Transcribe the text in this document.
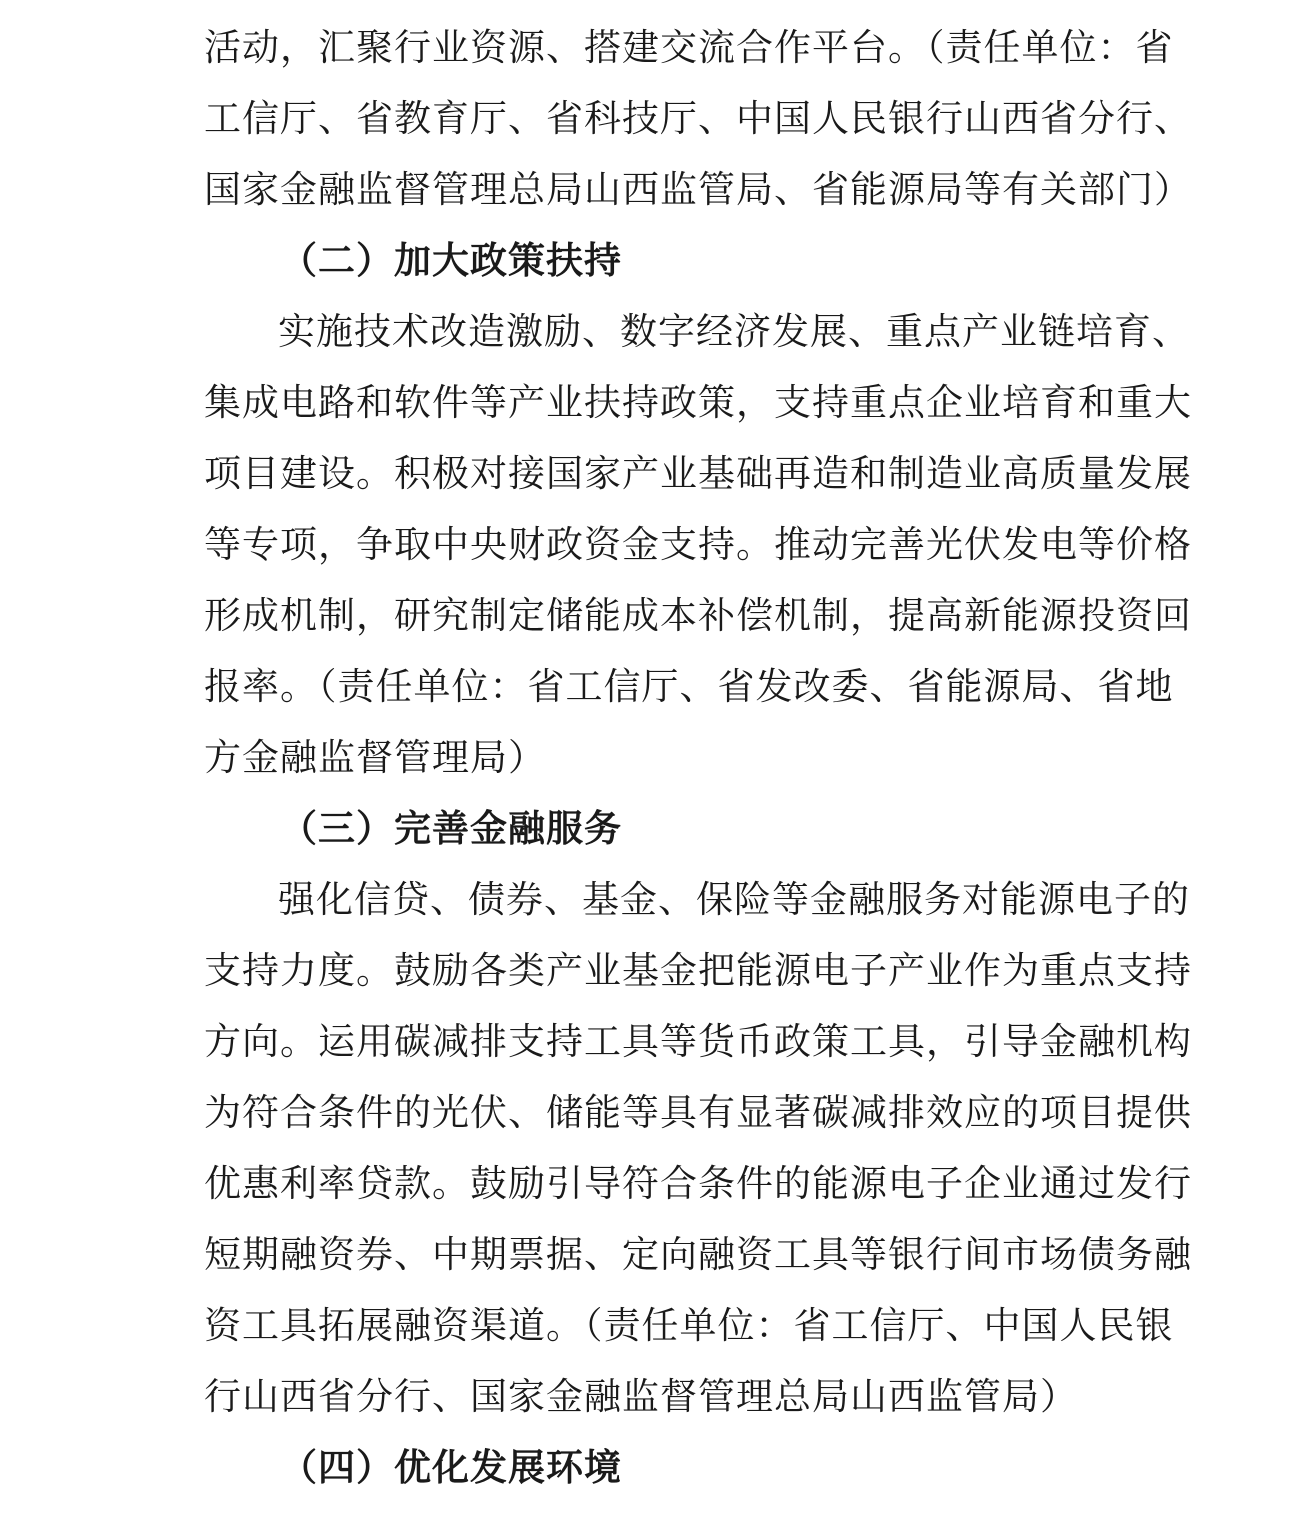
活动，汇聚行业资源、搭建交流合作平台。（责任单位：省
工信厅、省教育厅、省科技厅、中国人民银行山西省分行、
国家金融监督管理总局山西监管局、省能源局等有关部门）
（二）加大政策扶持
实施技术改造激励、数字经济发展、重点产业链培育、
集成电路和软件等产业扶持政策，支持重点企业培育和重大
项目建设。积极对接国家产业基础再造和制造业高质量发展
等专项，争取中央财政资金支持。推动完善光伏发电等价格
形成机制，研究制定储能成本补偿机制，提高新能源投资回
报率。（责任单位：省工信厅、省发改委、省能源局、省地
方金融监督管理局）
（三）完善金融服务
强化信贷、债券、基金、保险等金融服务对能源电子的
支持力度。鼓励各类产业基金把能源电子产业作为重点支持
方向。运用碳减排支持工具等货币政策工具，引导金融机构
为符合条件的光伏、储能等具有显著碳减排效应的项目提供
优惠利率贷款。鼓励引导符合条件的能源电子企业通过发行
短期融资券、中期票据、定向融资工具等银行间市场债务融
资工具拓展融资渠道。（责任单位：省工信厅、中国人民银
行山西省分行、国家金融监督管理总局山西监管局）
（四）优化发展环境
